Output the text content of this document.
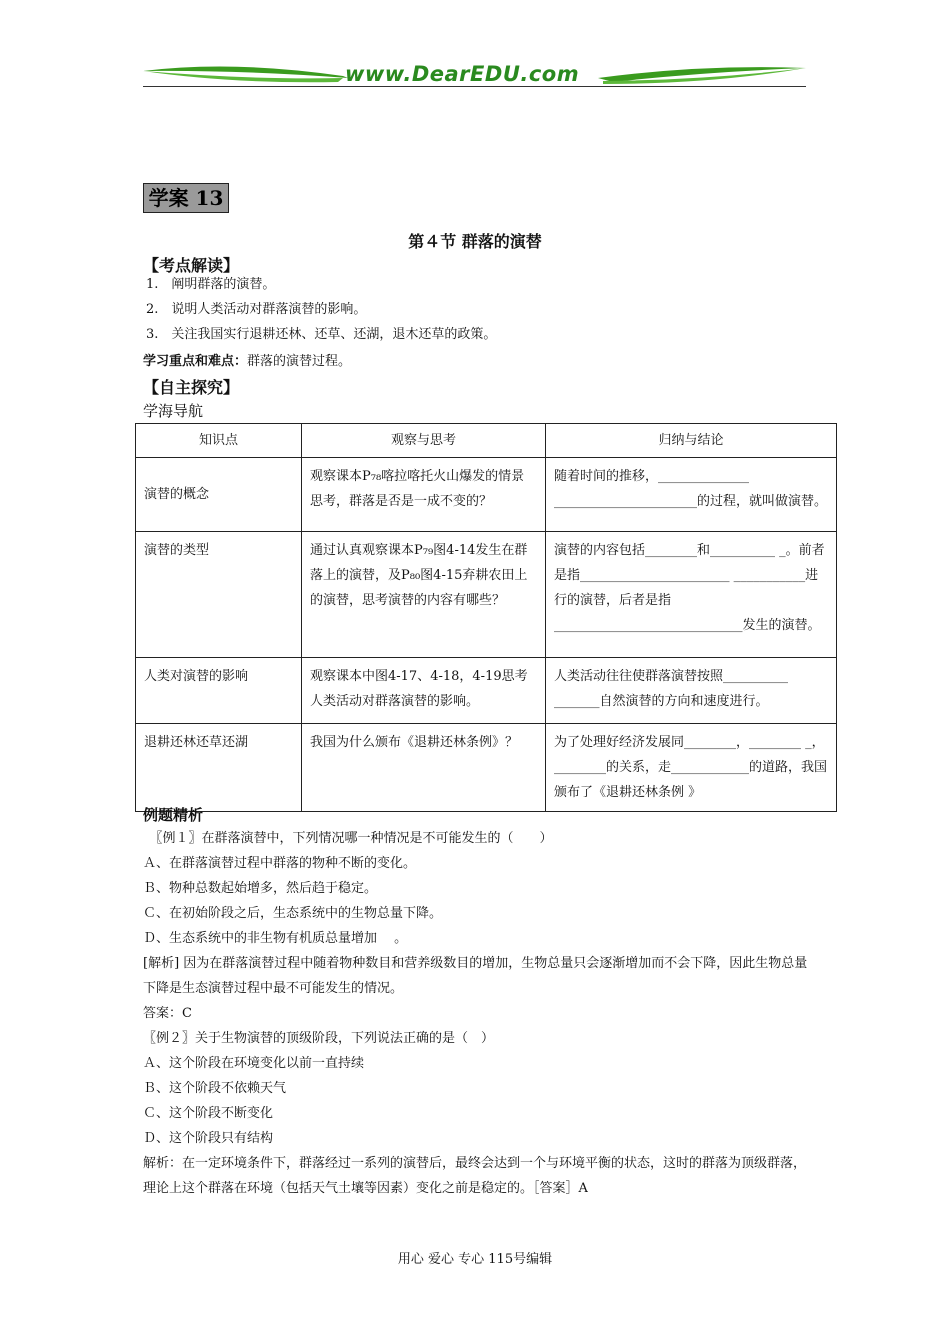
www.DearEDU.com
学案 13
第４节 群落的演替
【考点解读】
1.　阐明群落的演替。
2.　说明人类活动对群落演替的影响。
3.　关注我国实行退耕还林、还草、还湖，退木还草的政策。
学习重点和难点：群落的演替过程。
【自主探究】
学海导航
知识点	观察与思考	归纳与结论
演替的概念	观察课本P₇₈喀拉喀托火山爆发的情景思考，群落是否是一成不变的？	随着时间的推移，______________ ______________________的过程，就叫做演替。
演替的类型	通过认真观察课本P₇₉图4-14发生在群落上的演替，及P₈₀图4-15弃耕农田上的演替，思考演替的内容有哪些？	演替的内容包括________和__________ _。前者是指_______________________ ___________进行的演替，后者是指_____________________________发生的演替。
人类对演替的影响	观察课本中图4-17、4-18，4-19思考人类活动对群落演替的影响。	人类活动往往使群落演替按照__________ _______自然演替的方向和速度进行。
退耕还林还草还湖	我国为什么颁布《退耕还林条例》？	为了处理好经济发展同________，________ _，________的关系，走____________的道路，我国颁布了《退耕还林条例 》
例题精析
　〖例１〗在群落演替中，下列情况哪一种情况是不可能发生的（　　）
Ａ、在群落演替过程中群落的物种不断的变化。
Ｂ、物种总数起始增多，然后趋于稳定。
Ｃ、在初始阶段之后，生态系统中的生物总量下降。
Ｄ、生态系统中的非生物有机质总量增加　 。
[解析] 因为在群落演替过程中随着物种数目和营养级数目的增加，生物总量只会逐渐增加而不会下降，因此生物总量下降是生态演替过程中最不可能发生的情况。
答案：C
〖例２〗关于生物演替的顶级阶段，下列说法正确的是（　）
Ａ、这个阶段在环境变化以前一直持续
Ｂ、这个阶段不依赖天气
Ｃ、这个阶段不断变化
Ｄ、这个阶段只有结构
解析：在一定环境条件下，群落经过一系列的演替后，最终会达到一个与环境平衡的状态，这时的群落为顶级群落，理论上这个群落在环境（包括天气土壤等因素）变化之前是稳定的。［答案］A
用心 爱心 专心 115号编辑
